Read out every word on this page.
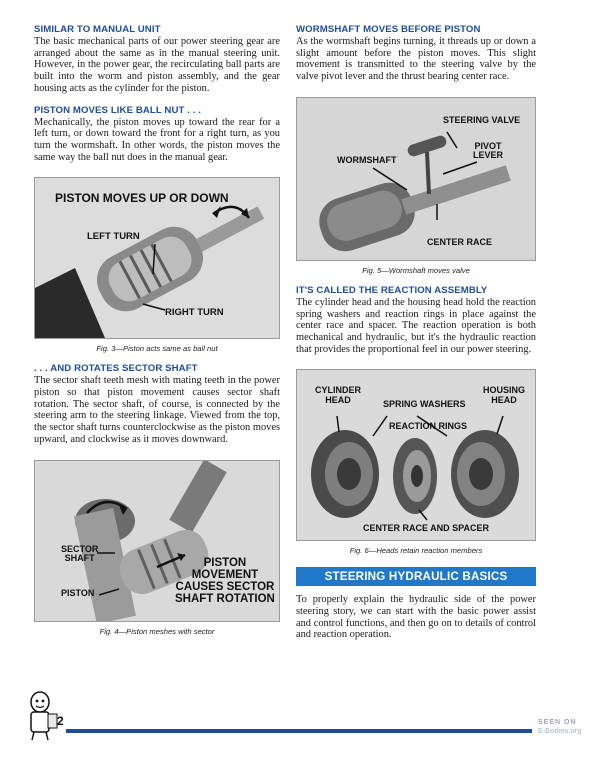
SIMILAR TO MANUAL UNIT

The basic mechanical parts of our power steering gear are arranged about the same as in the manual steering unit. However, in the power gear, the recirculating ball parts are built into the worm and piston assembly, and the gear housing acts as the cylinder for the piston.

PISTON MOVES LIKE BALL NUT . . .

Mechanically, the piston moves up toward the rear for a left turn, or down toward the front for a right turn, as you turn the wormshaft. In other words, the piston moves the same way the ball nut does in the manual gear.

PISTON MOVES UP OR DOWN
LEFT TURN
RIGHT TURN
Fig. 3—Piston acts same as ball nut
. . . AND ROTATES SECTOR SHAFT

The sector shaft teeth mesh with mating teeth in the power piston so that piston movement causes sector shaft rotation. The sector shaft, of course, is connected by the steering arm to the steering linkage. Viewed from the top, the sector shaft turns counterclockwise as the piston moves upward, and clockwise as it moves downward.

SECTOR
SHAFT
PISTON
PISTON
MOVEMENT
CAUSES SECTOR
SHAFT ROTATION
Fig. 4—Piston meshes with sector
WORMSHAFT MOVES BEFORE PISTON

As the wormshaft begins turning, it threads up or down a slight amount before the piston moves. This slight movement is transmitted to the steering valve by the valve pivot lever and the thrust bearing center race.

STEERING VALVE
WORMSHAFT
PIVOT
LEVER
CENTER RACE
Fig. 5—Wormshaft moves valve
IT'S CALLED THE REACTION ASSEMBLY

The cylinder head and the housing head hold the reaction spring washers and reaction rings in place against the center race and spacer. The reaction operation is both mechanical and hydraulic, but it's the hydraulic reaction that provides the proportional feel in our power steering.

CYLINDER
HEAD	SPRING WASHERS
HOUSING
HEAD
REACTION RINGS
CENTER RACE AND SPACER
Fig. 6—Heads retain reaction members
STEERING HYDRAULIC BASICS

To properly explain the hydraulic side of the power steering story, we can start with the basic power assist and control functions, and then go on to details of control and reaction operation.

2	SEEN ON
E-Bodies.org
